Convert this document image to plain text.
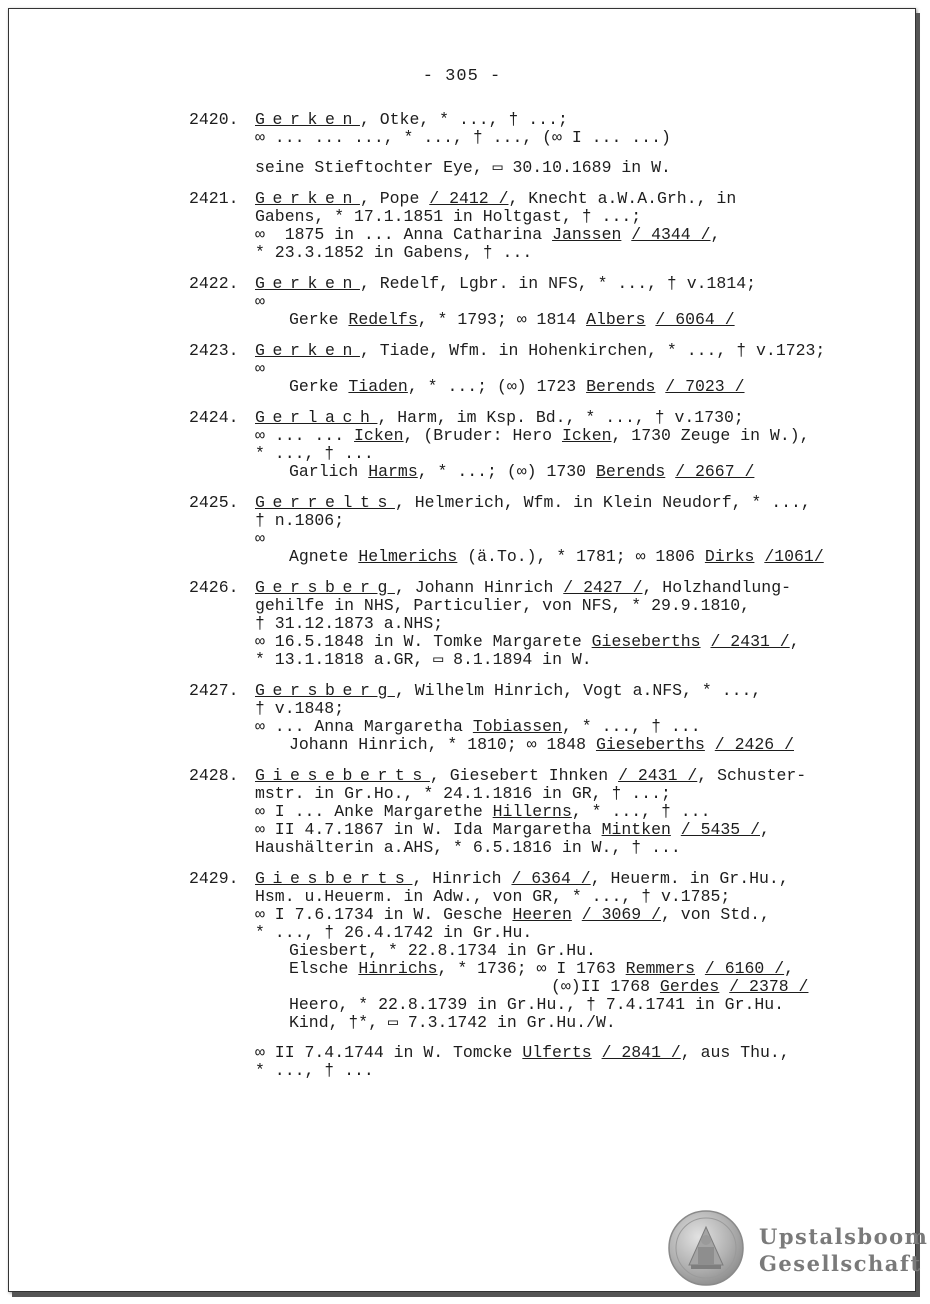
- 305 -
2420. Gerken, Otke, * ..., † ...;
∞ ... ... ..., * ..., † ..., (∞ I ... ...)
seine Stieftochter Eye, ▭ 30.10.1689 in W.
2421. Gerken, Pope / 2412 /, Knecht a.W.A.Grh., in
Gabens, * 17.1.1851 in Holtgast, † ...;
∞  1875 in ... Anna Catharina Janssen / 4344 /,
* 23.3.1852 in Gabens, † ...
2422. Gerken, Redelf, Lgbr. in NFS, * ..., † v.1814;
∞
Gerke Redelfs, * 1793; ∞ 1814 Albers / 6064 /
2423. Gerken, Tiade, Wfm. in Hohenkirchen, * ..., † v.1723;
∞
Gerke Tiaden, * ...; (∞) 1723 Berends / 7023 /
2424. Gerlach, Harm, im Ksp. Bd., * ..., † v.1730;
∞ ... ... Icken, (Bruder: Hero Icken, 1730 Zeuge in W.),
* ..., † ...
Garlich Harms, * ...; (∞) 1730 Berends / 2667 /
2425. Gerrelts, Helmerich, Wfm. in Klein Neudorf, * ...,
† n.1806;
∞
Agnete Helmerichs (ä.To.), * 1781; ∞ 1806 Dirks /1061/
2426. Gersberg, Johann Hinrich / 2427 /, Holzhandlung-
gehilfe in NHS, Particulier, von NFS, * 29.9.1810,
† 31.12.1873 a.NHS;
∞ 16.5.1848 in W. Tomke Margarete Gieseberths / 2431 /,
* 13.1.1818 a.GR, ▭ 8.1.1894 in W.
2427. Gersberg, Wilhelm Hinrich, Vogt a.NFS, * ...,
† v.1848;
∞ ... Anna Margaretha Tobiassen, * ..., † ...
Johann Hinrich, * 1810; ∞ 1848 Gieseberths / 2426 /
2428. Gieseberts, Giesebert Ihnken / 2431 /, Schuster-
mstr. in Gr.Ho., * 24.1.1816 in GR, † ...;
∞ I ... Anke Margarethe Hillerns, * ..., † ...
∞ II 4.7.1867 in W. Ida Margaretha Mintken / 5435 /,
Haushälterin a.AHS, * 6.5.1816 in W., † ...
2429. Giesberts, Hinrich / 6364 /, Heuerm. in Gr.Hu.,
Hsm. u.Heuerm. in Adw., von GR, * ..., † v.1785;
∞ I 7.6.1734 in W. Gesche Heeren / 3069 /, von Std.,
* ..., † 26.4.1742 in Gr.Hu.
Giesbert, * 22.8.1734 in Gr.Hu.
Elsche Hinrichs, * 1736; ∞ I 1763 Remmers / 6160 /,
(∞)II 1768 Gerdes / 2378 /
Heero, * 22.8.1739 in Gr.Hu., † 7.4.1741 in Gr.Hu.
Kind, †*, ▭ 7.3.1742 in Gr.Hu./W.
∞ II 7.4.1744 in W. Tomcke Ulferts / 2841 /, aus Thu.,
* ..., † ...
Upstalsboom
Gesellschaft
